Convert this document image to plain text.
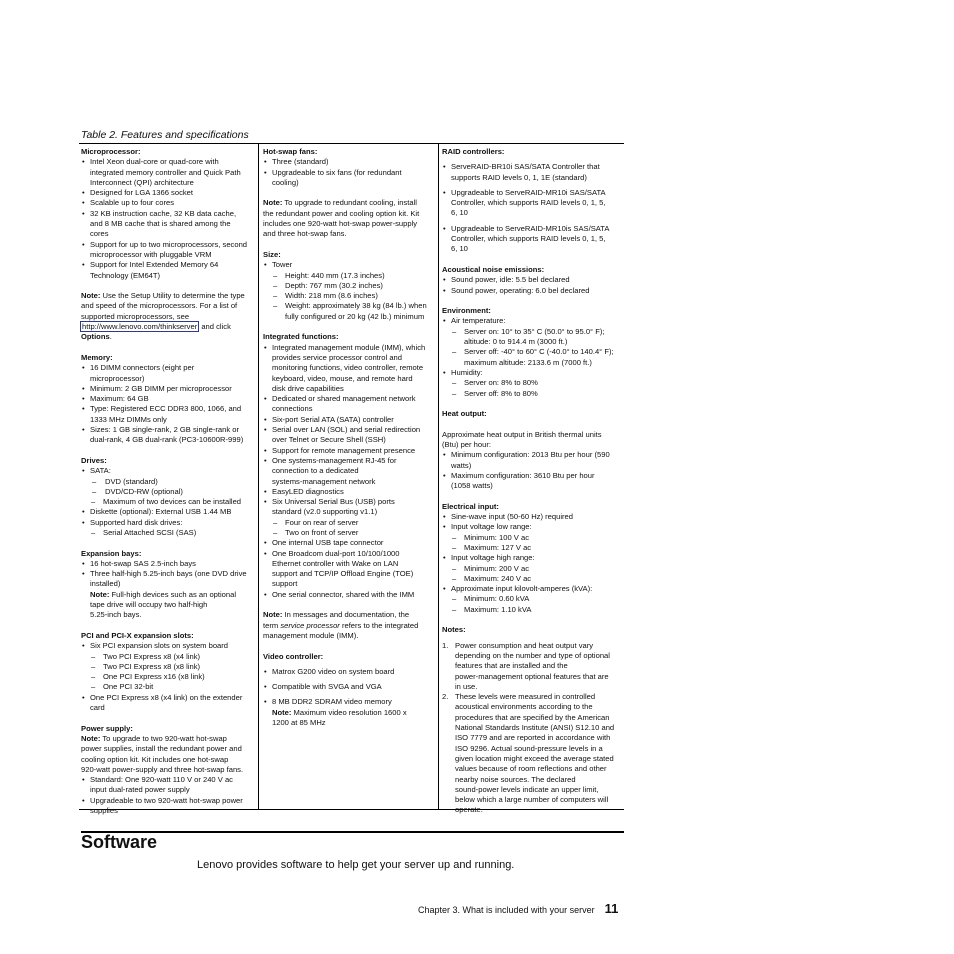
Table 2. Features and specifications
Microprocessor:
• Intel Xeon dual-core or quad-core with
integrated memory controller and Quick Path
Interconnect (QPI) architecture
• Designed for LGA 1366 socket
• Scalable up to four cores
• 32 KB instruction cache, 32 KB data cache,
and 8 MB cache that is shared among the
cores
• Support for up to two microprocessors, second
microprocessor with pluggable VRM
• Support for Intel Extended Memory 64
Technology (EM64T)
Note: Use the Setup Utility to determine the type
and speed of the microprocessors. For a list of
supported microprocessors, see
http://www.lenovo.com/thinkserver and click
Options.
Memory:
• 16 DIMM connectors (eight per
microprocessor)
• Minimum: 2 GB DIMM per microprocessor
• Maximum: 64 GB
• Type: Registered ECC DDR3 800, 1066, and
1333 MHz DIMMs only
• Sizes: 1 GB single-rank, 2 GB single-rank or
dual-rank, 4 GB dual-rank (PC3-10600R-999)
Drives:
• SATA:
– DVD (standard)
– DVD/CD-RW (optional)
– Maximum of two devices can be installed
• Diskette (optional): External USB 1.44 MB
• Supported hard disk drives:
– Serial Attached SCSI (SAS)
Expansion bays:
• 16 hot-swap SAS 2.5-inch bays
• Three half-high 5.25-inch bays (one DVD drive
installed)
Note: Full-high devices such as an optional
tape drive will occupy two half-high
5.25-inch bays.
PCI and PCI-X expansion slots:
• Six PCI expansion slots on system board
– Two PCI Express x8 (x4 link)
– Two PCI Express x8 (x8 link)
– One PCI Express x16 (x8 link)
– One PCI 32-bit
• One PCI Express x8 (x4 link) on the extender
card
Power supply:
Note: To upgrade to two 920-watt hot-swap
power supplies, install the redundant power and
cooling option kit. Kit includes one hot-swap
920-watt power-supply and three hot-swap fans.
• Standard: One 920-watt 110 V or 240 V ac
input dual-rated power supply
• Upgradeable to two 920-watt hot-swap power
supplies
Hot-swap fans:
• Three (standard)
• Upgradeable to six fans (for redundant
cooling)
Note: To upgrade to redundant cooling, install
the redundant power and cooling option kit. Kit
includes one 920-watt hot-swap power-supply
and three hot-swap fans.
Size:
• Tower
– Height: 440 mm (17.3 inches)
– Depth: 767 mm (30.2 inches)
– Width: 218 mm (8.6 inches)
– Weight: approximately 38 kg (84 lb.) when
fully configured or 20 kg (42 lb.) minimum
Integrated functions:
• Integrated management module (IMM), which
provides service processor control and
monitoring functions, video controller, remote
keyboard, video, mouse, and remote hard
disk drive capabilities
• Dedicated or shared management network
connections
• Six-port Serial ATA (SATA) controller
• Serial over LAN (SOL) and serial redirection
over Telnet or Secure Shell (SSH)
• Support for remote management presence
• One systems-management RJ-45 for
connection to a dedicated
systems-management network
• EasyLED diagnostics
• Six Universal Serial Bus (USB) ports
standard (v2.0 supporting v1.1)
– Four on rear of server
– Two on front of server
• One internal USB tape connector
• One Broadcom dual-port 10/100/1000
Ethernet controller with Wake on LAN
support and TCP/IP Offload Engine (TOE)
support
• One serial connector, shared with the IMM
Note: In messages and documentation, the
term service processor refers to the integrated
management module (IMM).
Video controller:
• Matrox G200 video on system board
• Compatible with SVGA and VGA
• 8 MB DDR2 SDRAM video memory
Note: Maximum video resolution 1600 x
1200 at 85 MHz
RAID controllers:
• ServeRAID-BR10i SAS/SATA Controller that
supports RAID levels 0, 1, 1E (standard)
• Upgradeable to ServeRAID-MR10i SAS/SATA
Controller, which supports RAID levels 0, 1, 5,
6, 10
• Upgradeable to ServeRAID-MR10is SAS/SATA
Controller, which supports RAID levels 0, 1, 5,
6, 10
Acoustical noise emissions:
• Sound power, idle: 5.5 bel declared
• Sound power, operating: 6.0 bel declared
Environment:
• Air temperature:
– Server on: 10° to 35° C (50.0° to 95.0° F);
altitude: 0 to 914.4 m (3000 ft.)
– Server off: -40° to 60° C (-40.0° to 140.4° F);
maximum altitude: 2133.6 m (7000 ft.)
• Humidity:
– Server on: 8% to 80%
– Server off: 8% to 80%
Heat output:
Approximate heat output in British thermal units
(Btu) per hour:
• Minimum configuration: 2013 Btu per hour (590
watts)
• Maximum configuration: 3610 Btu per hour
(1058 watts)
Electrical input:
• Sine-wave input (50-60 Hz) required
• Input voltage low range:
– Minimum: 100 V ac
– Maximum: 127 V ac
• Input voltage high range:
– Minimum: 200 V ac
– Maximum: 240 V ac
• Approximate input kilovolt-amperes (kVA):
– Minimum: 0.60 kVA
– Maximum: 1.10 kVA
Notes:
1. Power consumption and heat output vary
depending on the number and type of optional
features that are installed and the
power-management optional features that are
in use.
2. These levels were measured in controlled
acoustical environments according to the
procedures that are specified by the American
National Standards Institute (ANSI) S12.10 and
ISO 7779 and are reported in accordance with
ISO 9296. Actual sound-pressure levels in a
given location might exceed the average stated
values because of room reflections and other
nearby noise sources. The declared
sound-power levels indicate an upper limit,
below which a large number of computers will
operate.
Software
Lenovo provides software to help get your server up and running.
Chapter 3. What is included with your server 11
